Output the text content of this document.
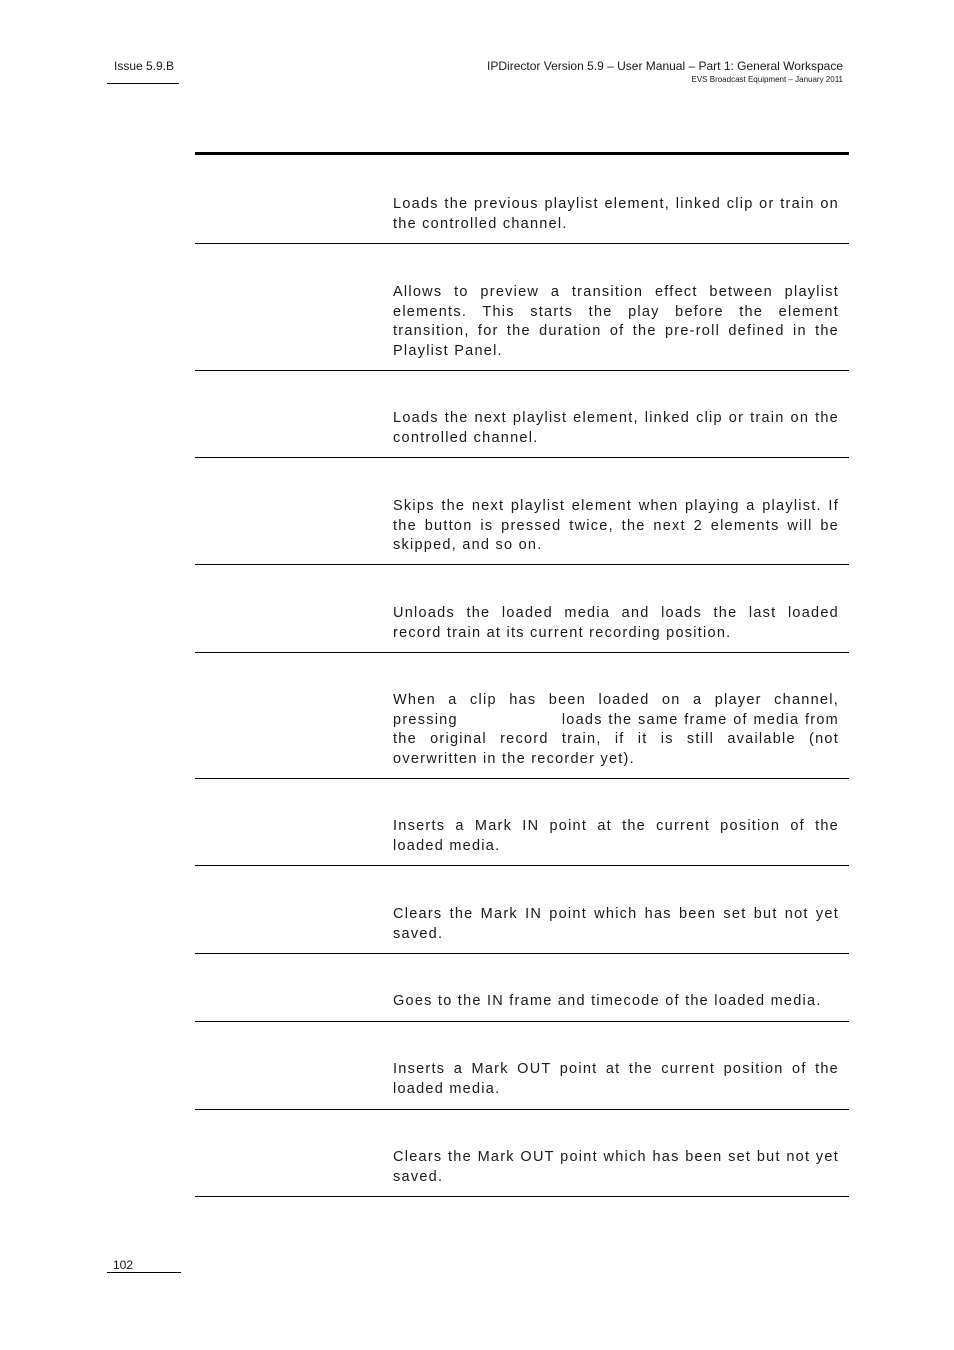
Issue 5.9.B	IPDirector Version 5.9 – User Manual – Part 1: General Workspace
EVS Broadcast Equipment – January 2011
Loads the previous playlist element, linked clip or train on the controlled channel.
Allows to preview a transition effect between playlist elements. This starts the play before the element transition, for the duration of the pre-roll defined in the Playlist Panel.
Loads the next playlist element, linked clip or train on the controlled channel.
Skips the next playlist element when playing a playlist. If the button is pressed twice, the next 2 elements will be skipped, and so on.
Unloads the loaded media and loads the last loaded record train at its current recording position.
When a clip has been loaded on a player channel, pressing	loads the same frame of media from the original record train, if it is still available (not overwritten in the recorder yet).
Inserts a Mark IN point at the current position of the loaded media.
Clears the Mark IN point which has been set but not yet saved.
Goes to the IN frame and timecode of the loaded media.
Inserts a Mark OUT point at the current position of the loaded media.
Clears the Mark OUT point which has been set but not yet saved.
102
